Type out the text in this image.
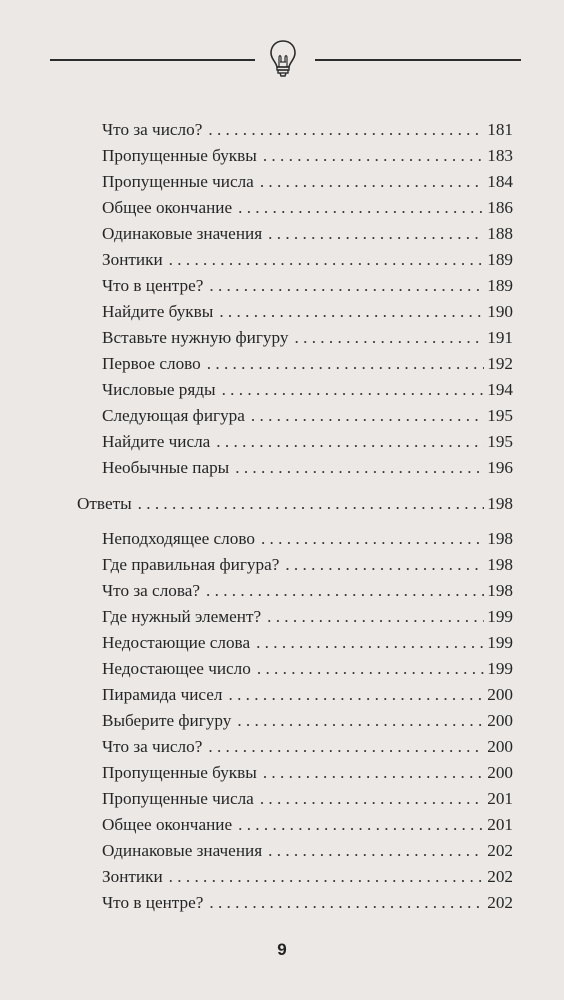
Что за число? . . .	181
Пропущенные буквы . . .	183
Пропущенные числа . . .	184
Общее окончание . . .	186
Одинаковые значения . . .	188
Зонтики . . .	189
Что в центре? . . .	189
Найдите буквы . . .	190
Вставьте нужную фигуру . . .	191
Первое слово . . .	192
Числовые ряды . . .	194
Следующая фигура . . .	195
Найдите числа . . .	195
Необычные пары . . .	196
Ответы . . .	198
Неподходящее слово . . .	198
Где правильная фигура? . . .	198
Что за слова? . . .	198
Где нужный элемент? . . .	199
Недостающие слова . . .	199
Недостающее число . . .	199
Пирамида чисел . . .	200
Выберите фигуру . . .	200
Что за число? . . .	200
Пропущенные буквы . . .	200
Пропущенные числа . . .	201
Общее окончание . . .	201
Одинаковые значения . . .	202
Зонтики . . .	202
Что в центре? . . .	202
9
